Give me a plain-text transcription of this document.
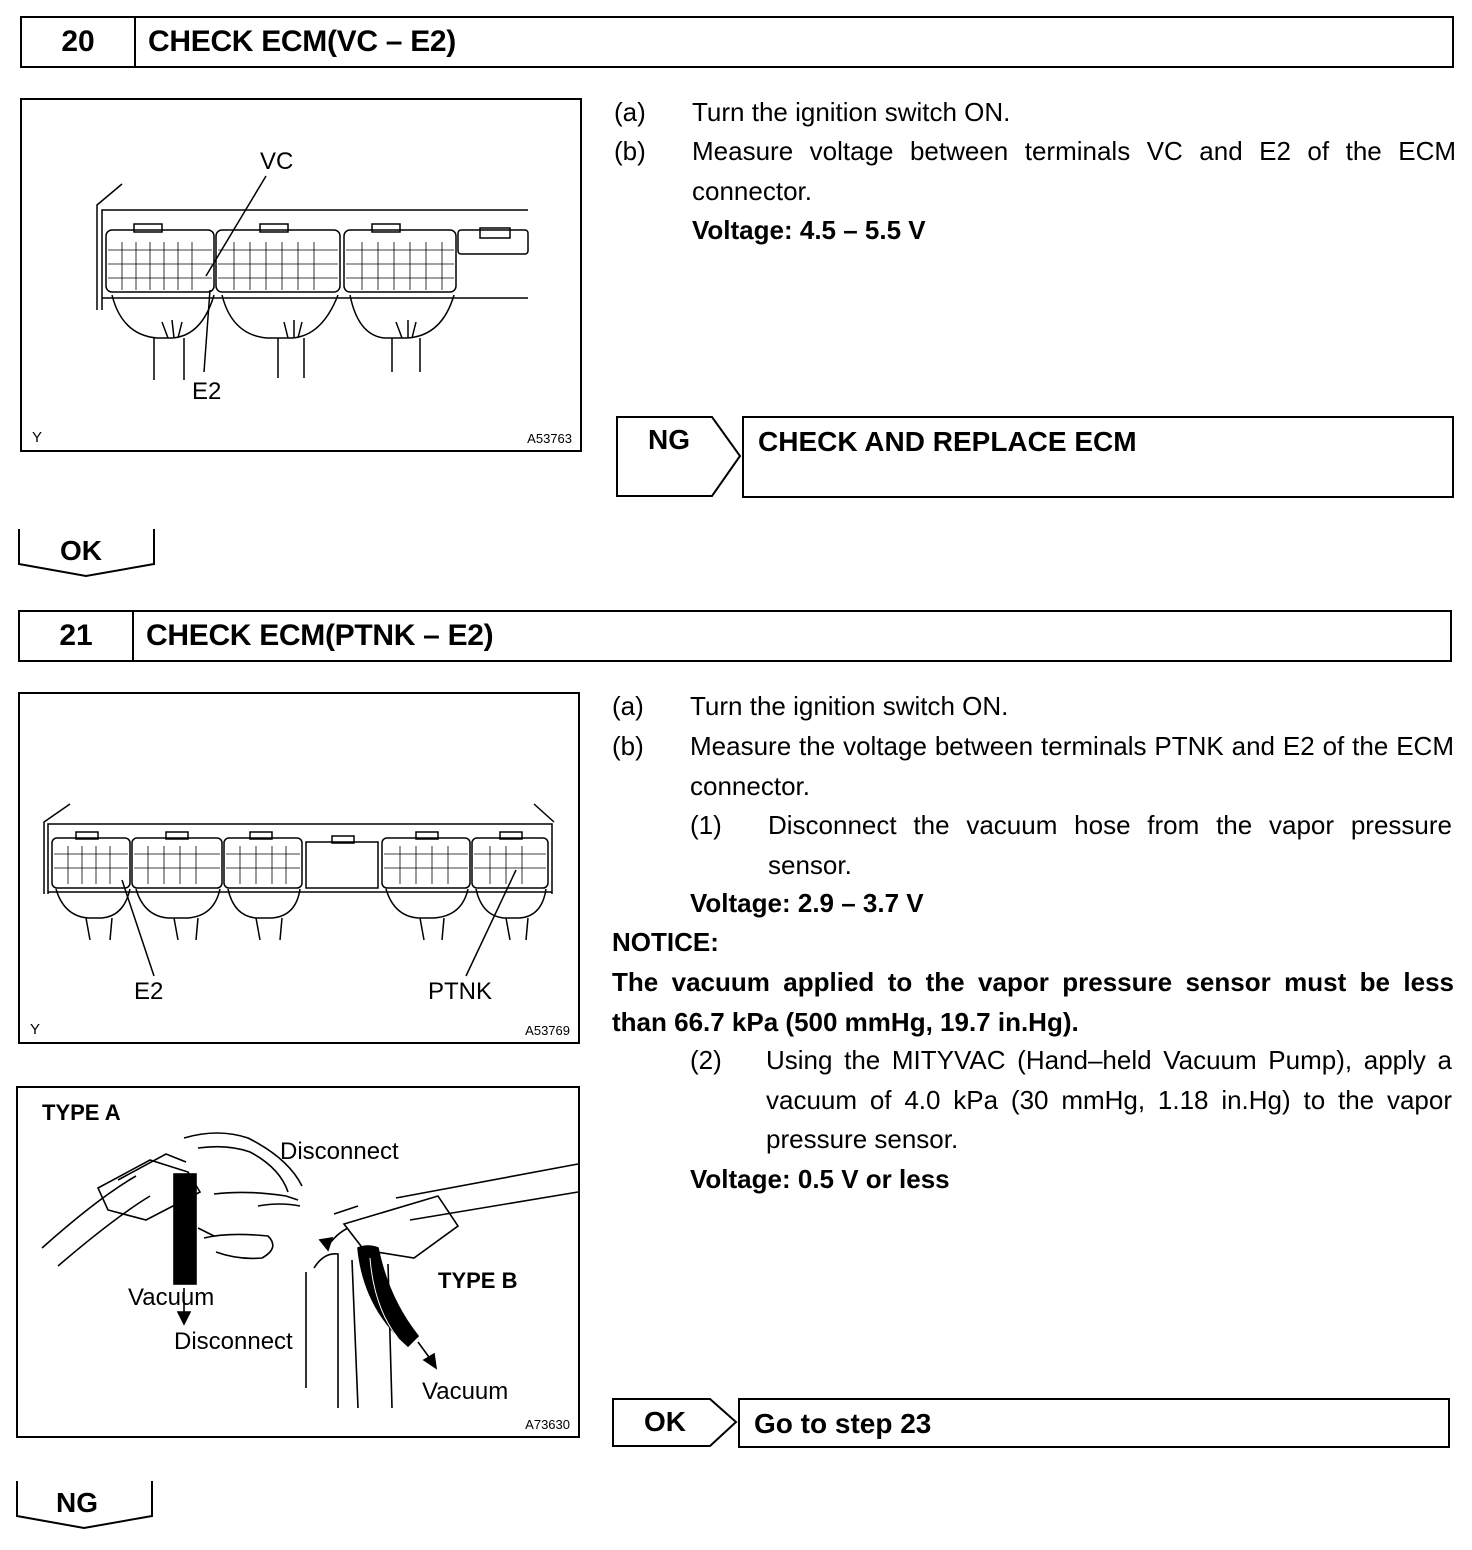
20	CHECK ECM(VC – E2)
VC
E2
Y	A53763
(a)	Turn the ignition switch ON.
(b)	Measure voltage between terminals VC and E2 of the ECM connector.
Voltage: 4.5 – 5.5 V
NG CHECK AND REPLACE ECM
OK
21	CHECK ECM(PTNK – E2)
E2	PTNK
Y	A53769
TYPE A
Disconnect
Vacuum
TYPE B
Disconnect
Vacuum
A73630
(a)	Turn the ignition switch ON.
(b)	Measure the voltage between terminals PTNK and E2 of the ECM connector.
(1)	Disconnect the vacuum hose from the vapor pressure sensor.
Voltage: 2.9 – 3.7 V
NOTICE:
The vacuum applied to the vapor pressure sensor must be less than 66.7 kPa (500 mmHg, 19.7 in.Hg).
(2)	Using the MITYVAC (Hand–held Vacuum Pump), apply a vacuum of 4.0 kPa (30 mmHg, 1.18 in.Hg) to the vapor pressure sensor.
Voltage: 0.5 V or less
OK Go to step 23
NG
